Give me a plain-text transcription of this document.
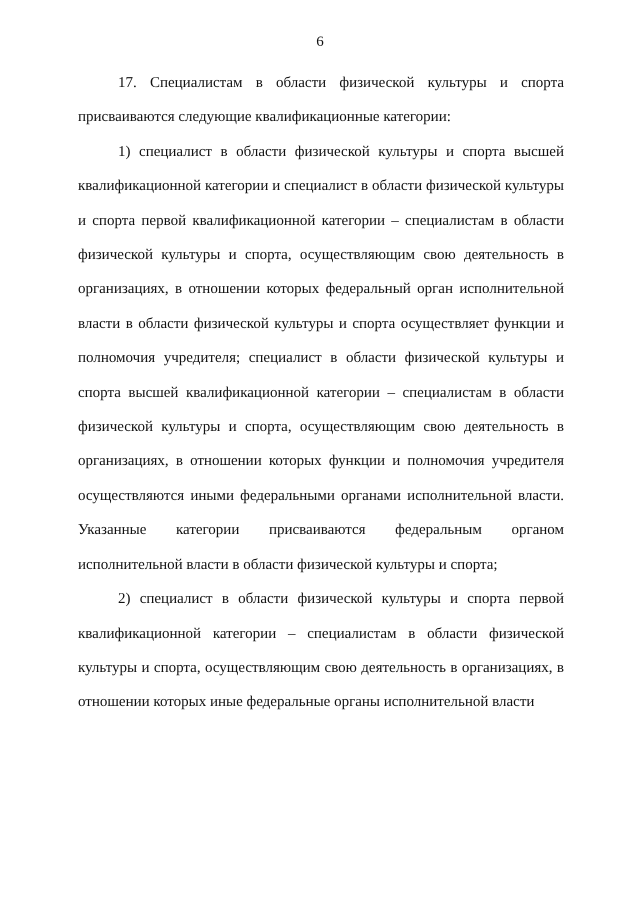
6

17. Специалистам в области физической культуры и спорта присваиваются следующие квалификационные категории:

1) специалист в области физической культуры и спорта высшей квалификационной категории и специалист в области физической культуры и спорта первой квалификационной категории – специалистам в области физической культуры и спорта, осуществляющим свою деятельность в организациях, в отношении которых федеральный орган исполнительной власти в области физической культуры и спорта осуществляет функции и полномочия учредителя; специалист в области физической культуры и спорта высшей квалификационной категории – специалистам в области физической культуры и спорта, осуществляющим свою деятельность в организациях, в отношении которых функции и полномочия учредителя осуществляются иными федеральными органами исполнительной власти. Указанные категории присваиваются федеральным органом исполнительной власти в области физической культуры и спорта;

2) специалист в области физической культуры и спорта первой квалификационной категории – специалистам в области физической культуры и спорта, осуществляющим свою деятельность в организациях, в отношении которых иные федеральные органы исполнительной власти
